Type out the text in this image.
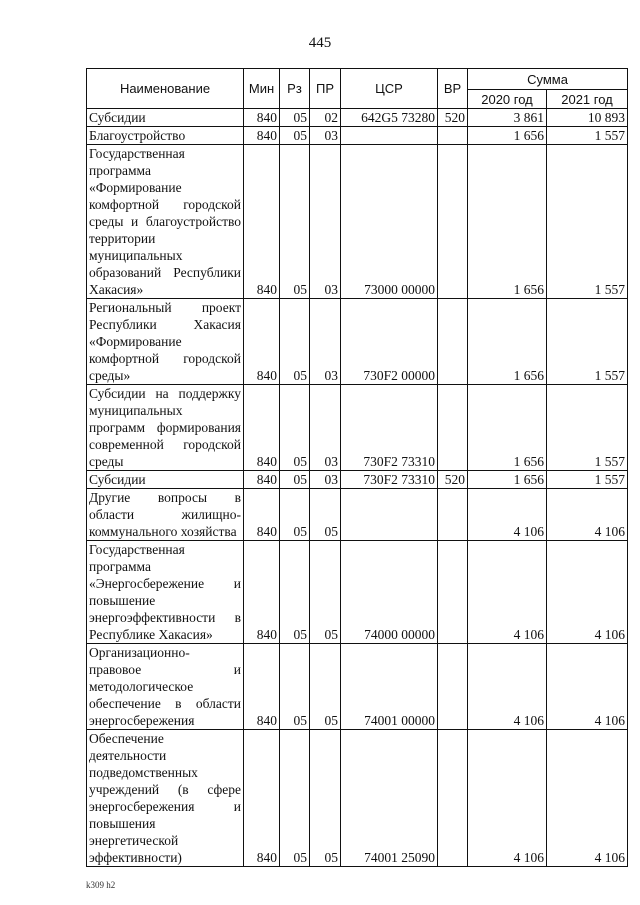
445
Наименование	Мин	Рз	ПР	ЦСР	ВР	Сумма	
						2020 год	2021 год
Субсидии	840	05	02	642G5 73280	520	3 861	10 893
Благоустройство	840	05	03			1 656	1 557
Государственная программа «Формирование комфортной городской среды и благоустройство территории муниципальных образований Республики Хакасия»	840	05	03	73000 00000		1 656	1 557
Региональный проект Республики Хакасия «Формирование комфортной городской среды»	840	05	03	730F2 00000		1 656	1 557
Субсидии на поддержку муниципальных программ формирования современной городской среды	840	05	03	730F2 73310		1 656	1 557
Субсидии	840	05	03	730F2 73310	520	1 656	1 557
Другие вопросы в области жилищно-коммунального хозяйства	840	05	05			4 106	4 106
Государственная программа «Энергосбережение и повышение энергоэффективности в Республике Хакасия»	840	05	05	74000 00000		4 106	4 106
Организационно-правовое и методологическое обеспечение в области энергосбережения	840	05	05	74001 00000		4 106	4 106
Обеспечение деятельности подведомственных учреждений (в сфере энергосбережения и повышения энергетической эффективности)	840	05	05	74001 25090		4 106	4 106
k309 h2
